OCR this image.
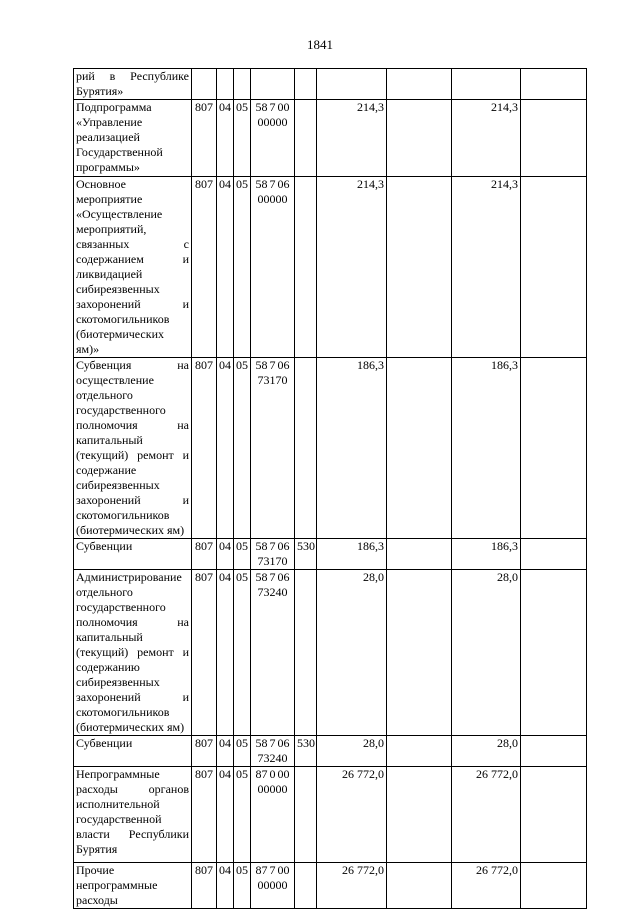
1841
рий в Республике Бурятия»									
Подпрограмма «Управление реализацией Государственной программы»	807	04	05	58 7 00 00000		214,3		214,3	
Основное мероприятие «Осуществление мероприятий, связанных с содержанием и ликвидацией сибиреязвенных захоронений и скотомогильников (биотермических ям)»	807	04	05	58 7 06 00000		214,3		214,3	
Субвенция на осуществление отдельного государственного полномочия на капитальный (текущий) ремонт и содержание сибиреязвенных захоронений и скотомогильников (биотермических ям)	807	04	05	58 7 06 73170		186,3		186,3	
Субвенции	807	04	05	58 7 06 73170	530	186,3		186,3	
Администрирование отдельного государственного полномочия на капитальный (текущий) ремонт и содержанию сибиреязвенных захоронений и скотомогильников (биотермических ям)	807	04	05	58 7 06 73240		28,0		28,0	
Субвенции	807	04	05	58 7 06 73240	530	28,0		28,0	
Непрограммные расходы органов исполнительной государственной власти Республики Бурятия	807	04	05	87 0 00 00000		26 772,0		26 772,0	
Прочие непрограммные расходы	807	04	05	87 7 00 00000		26 772,0		26 772,0	
